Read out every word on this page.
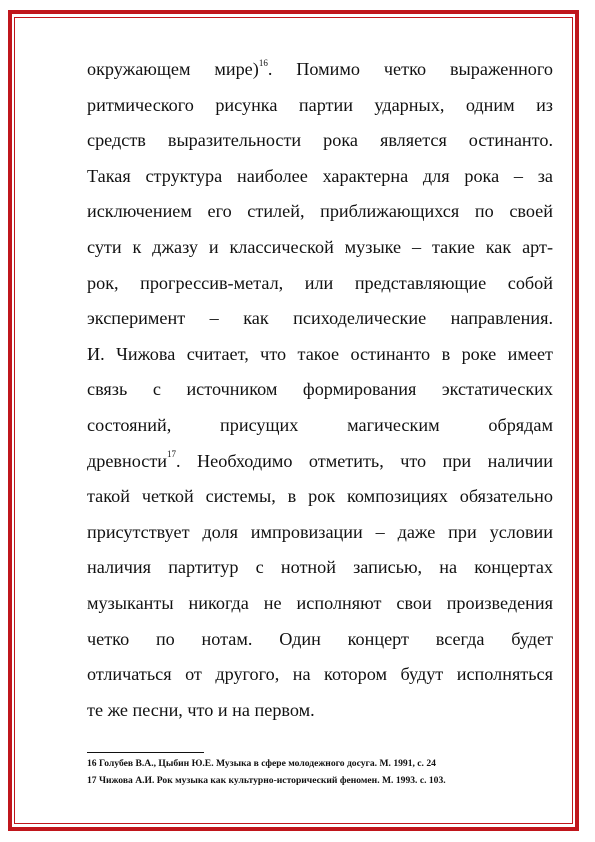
окружающем мире)$^{16}$. Помимо четко выраженного
ритмического рисунка партии ударных, одним из
средств выразительности рока является остинанто.
Такая структура наиболее характерна для рока – за
исключением его стилей, приближающихся по своей
сути к джазу и классической музыке – такие как арт-
рок, прогрессив-метал, или представляющие собой
эксперимент – как психоделические направления.
И. Чижова считает, что такое остинанто в роке имеет
связь с источником формирования экстатических
состояний, присущих магическим обрядам
древности$^{17}$. Необходимо отметить, что при наличии
такой четкой системы, в рок композициях обязательно
присутствует доля импровизации – даже при условии
наличия партитур с нотной записью, на концертах
музыканты никогда не исполняют свои произведения
четко по нотам. Один концерт всегда будет
отличаться от другого, на котором будут исполняться
те же песни, что и на первом.
16 Голубев В.А., Цыбин Ю.Е. Музыка в сфере молодежного досуга. М. 1991, с. 24
17 Чижова А.И. Рок музыка как культурно-исторический феномен. М. 1993. с. 103.
